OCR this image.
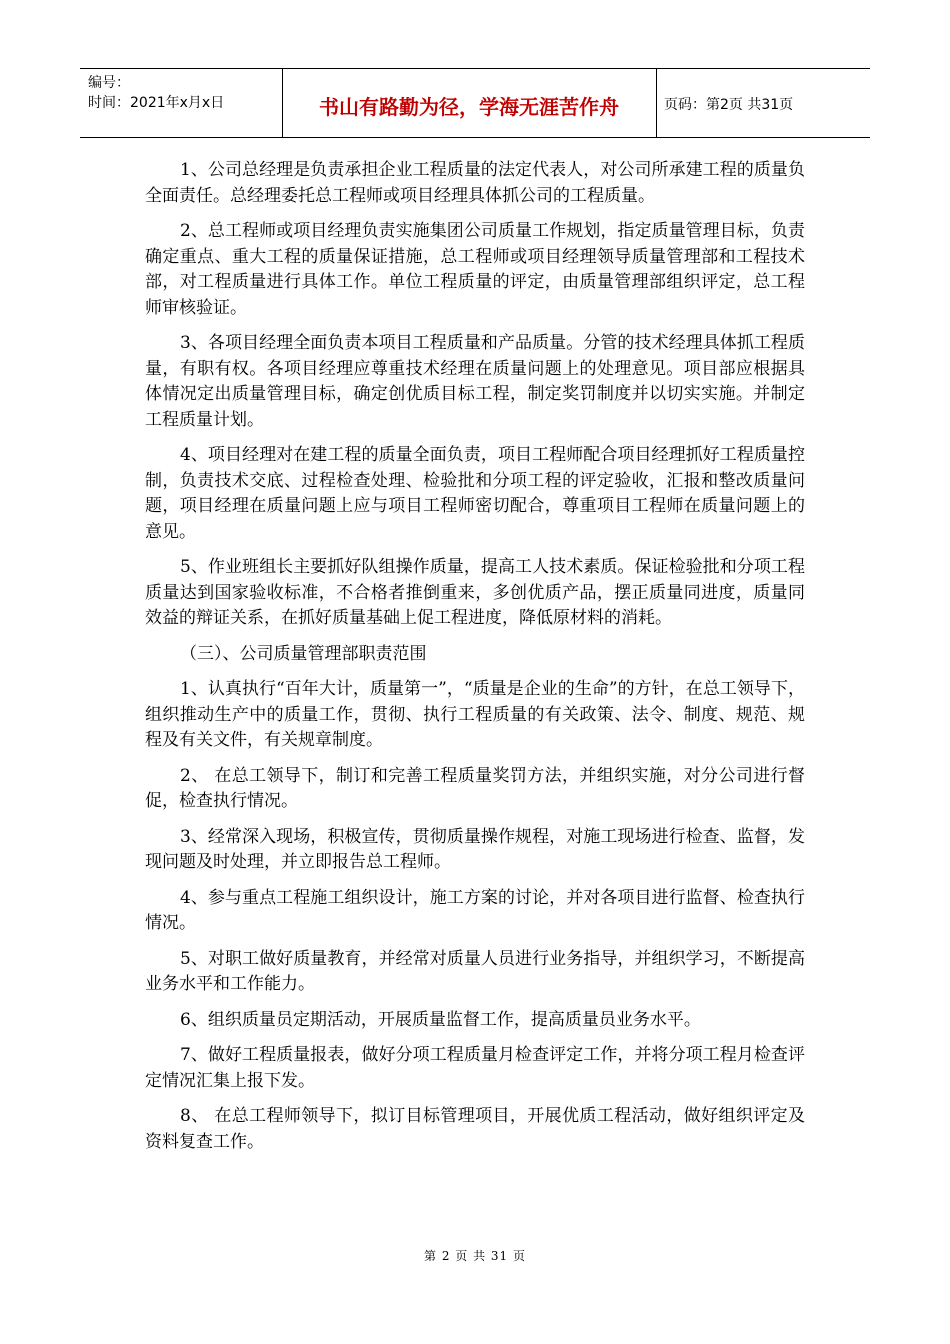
编号：
时间：2021年x月x日	书山有路勤为径，学海无涯苦作舟	页码：第2页 共31页

1、公司总经理是负责承担企业工程质量的法定代表人，对公司所承建工程的质量负全面责任。总经理委托总工程师或项目经理具体抓公司的工程质量。

2、总工程师或项目经理负责实施集团公司质量工作规划，指定质量管理目标，负责确定重点、重大工程的质量保证措施，总工程师或项目经理领导质量管理部和工程技术部，对工程质量进行具体工作。单位工程质量的评定，由质量管理部组织评定，总工程师审核验证。

3、各项目经理全面负责本项目工程质量和产品质量。分管的技术经理具体抓工程质量，有职有权。各项目经理应尊重技术经理在质量问题上的处理意见。项目部应根据具体情况定出质量管理目标，确定创优质目标工程，制定奖罚制度并以切实实施。并制定工程质量计划。

4、项目经理对在建工程的质量全面负责，项目工程师配合项目经理抓好工程质量控制，负责技术交底、过程检查处理、检验批和分项工程的评定验收，汇报和整改质量问题，项目经理在质量问题上应与项目工程师密切配合，尊重项目工程师在质量问题上的意见。

5、作业班组长主要抓好队组操作质量，提高工人技术素质。保证检验批和分项工程质量达到国家验收标准，不合格者推倒重来，多创优质产品，摆正质量同进度，质量同效益的辩证关系，在抓好质量基础上促工程进度，降低原材料的消耗。

（三）、公司质量管理部职责范围

1、认真执行“百年大计，质量第一”，“质量是企业的生命”的方针，在总工领导下，组织推动生产中的质量工作，贯彻、执行工程质量的有关政策、法令、制度、规范、规程及有关文件，有关规章制度。

2、 在总工领导下，制订和完善工程质量奖罚方法，并组织实施，对分公司进行督促，检查执行情况。

3、经常深入现场，积极宣传，贯彻质量操作规程，对施工现场进行检查、监督，发现问题及时处理，并立即报告总工程师。

4、参与重点工程施工组织设计，施工方案的讨论，并对各项目进行监督、检查执行情况。

5、对职工做好质量教育，并经常对质量人员进行业务指导，并组织学习，不断提高业务水平和工作能力。

6、组织质量员定期活动，开展质量监督工作，提高质量员业务水平。

7、做好工程质量报表，做好分项工程质量月检查评定工作，并将分项工程月检查评定情况汇集上报下发。

8、 在总工程师领导下，拟订目标管理项目，开展优质工程活动，做好组织评定及资料复查工作。

第 2 页 共 31 页
